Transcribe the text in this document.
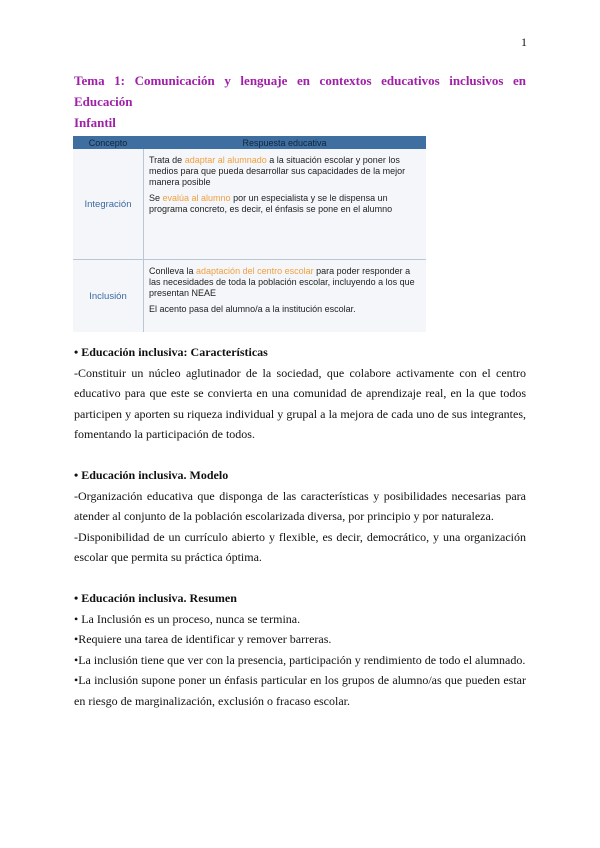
1
Tema 1: Comunicación y lenguaje en contextos educativos inclusivos en Educación
Infantil
Concepto	Respuesta educativa
Integración

Trata de adaptar al alumnado a la situación escolar y poner los medios para que pueda desarrollar sus capacidades de la mejor manera posible

Se evalúa al alumno por un especialista y se le dispensa un programa concreto, es decir, el énfasis se pone en el alumno

Inclusión

Conlleva la adaptación del centro escolar para poder responder a las necesidades de toda la población escolar, incluyendo a los que presentan NEAE

El acento pasa del alumno/a a la institución escolar.

• Educación inclusiva: Características

-Constituir un núcleo aglutinador de la sociedad, que colabore activamente con el centro educativo para que este se convierta en una comunidad de aprendizaje real, en la que todos participen y aporten su riqueza individual y grupal a la mejora de cada uno de sus integrantes, fomentando la participación de todos.

• Educación inclusiva. Modelo

-Organización educativa que disponga de las características y posibilidades necesarias para atender al conjunto de la población escolarizada diversa, por principio y por naturaleza.

-Disponibilidad de un currículo abierto y flexible, es decir, democrático, y una organización escolar que permita su práctica óptima.

• Educación inclusiva. Resumen

• La Inclusión es un proceso, nunca se termina.

•Requiere una tarea de identificar y remover barreras.

•La inclusión tiene que ver con la presencia, participación y rendimiento de todo el alumnado.

•La inclusión supone poner un énfasis particular en los grupos de alumno/as que pueden estar en riesgo de marginalización, exclusión o fracaso escolar.
